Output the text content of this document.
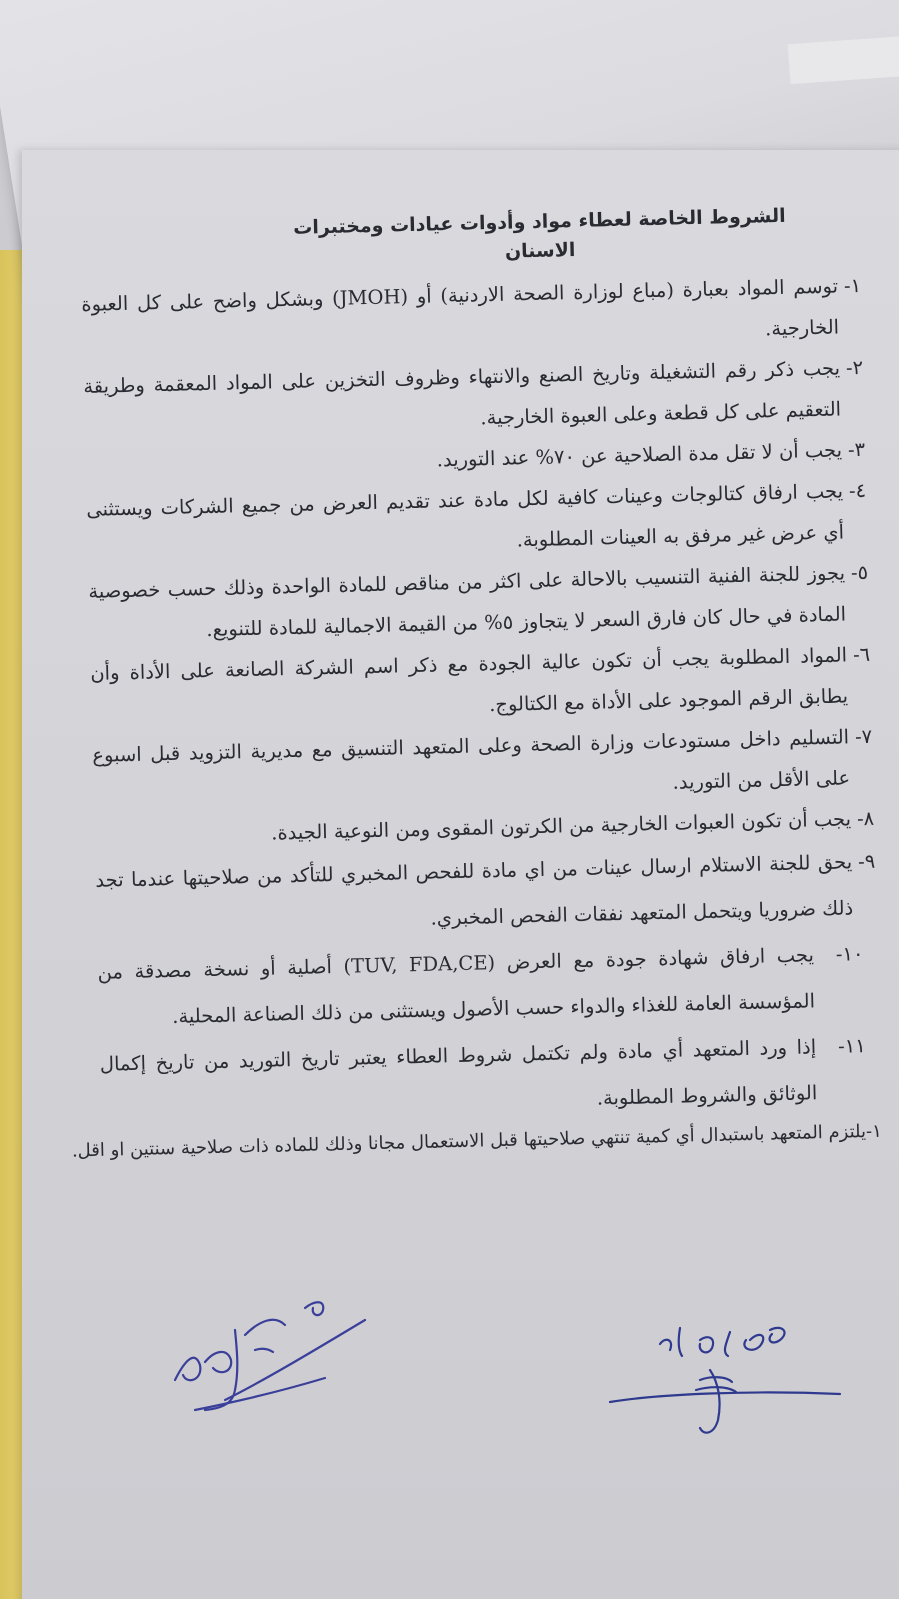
الشروط الخاصة لعطاء مواد وأدوات عيادات ومختبرات الاسنان
١-
توسم المواد بعبارة (مباع لوزارة الصحة الاردنية) أو (JMOH) وبشكل واضح على كل العبوة الخارجية.
٢-
يجب ذكر رقم التشغيلة وتاريخ الصنع والانتهاء وظروف التخزين على المواد المعقمة وطريقة التعقيم على كل قطعة وعلى العبوة الخارجية.
٣-
يجب أن لا تقل مدة الصلاحية عن ٧٠% عند التوريد.
٤-
يجب ارفاق كتالوجات وعينات كافية لكل مادة عند تقديم العرض من جميع الشركات ويستثنى أي عرض غير مرفق به العينات المطلوبة.
٥-
يجوز للجنة الفنية التنسيب بالاحالة على اكثر من مناقص للمادة الواحدة وذلك حسب خصوصية المادة في حال كان فارق السعر لا يتجاوز ٥% من القيمة الاجمالية للمادة للتنويع.
٦-
المواد المطلوبة يجب أن تكون عالية الجودة مع ذكر اسم الشركة الصانعة على الأداة وأن يطابق الرقم الموجود على الأداة مع الكتالوج.
٧-
التسليم داخل مستودعات وزارة الصحة وعلى المتعهد التنسيق مع مديرية التزويد قبل اسبوع على الأقل من التوريد.
٨-
يجب أن تكون العبوات الخارجية من الكرتون المقوى ومن النوعية الجيدة.
٩-
يحق للجنة الاستلام ارسال عينات من اي مادة للفحص المخبري للتأكد من صلاحيتها عندما تجد ذلك ضروريا ويتحمل المتعهد نفقات الفحص المخبري.
١٠-
يجب ارفاق شهادة جودة مع العرض (TUV, FDA,CE) أصلية أو نسخة مصدقة من المؤسسة العامة للغذاء والدواء حسب الأصول ويستثنى من ذلك الصناعة المحلية.
١١-
إذا ورد المتعهد أي مادة ولم تكتمل شروط العطاء يعتبر تاريخ التوريد من تاريخ إكمال الوثائق والشروط المطلوبة.
١-يلتزم المتعهد باستبدال أي كمية تنتهي صلاحيتها قبل الاستعمال مجانا وذلك للماده ذات صلاحية سنتين او اقل.
